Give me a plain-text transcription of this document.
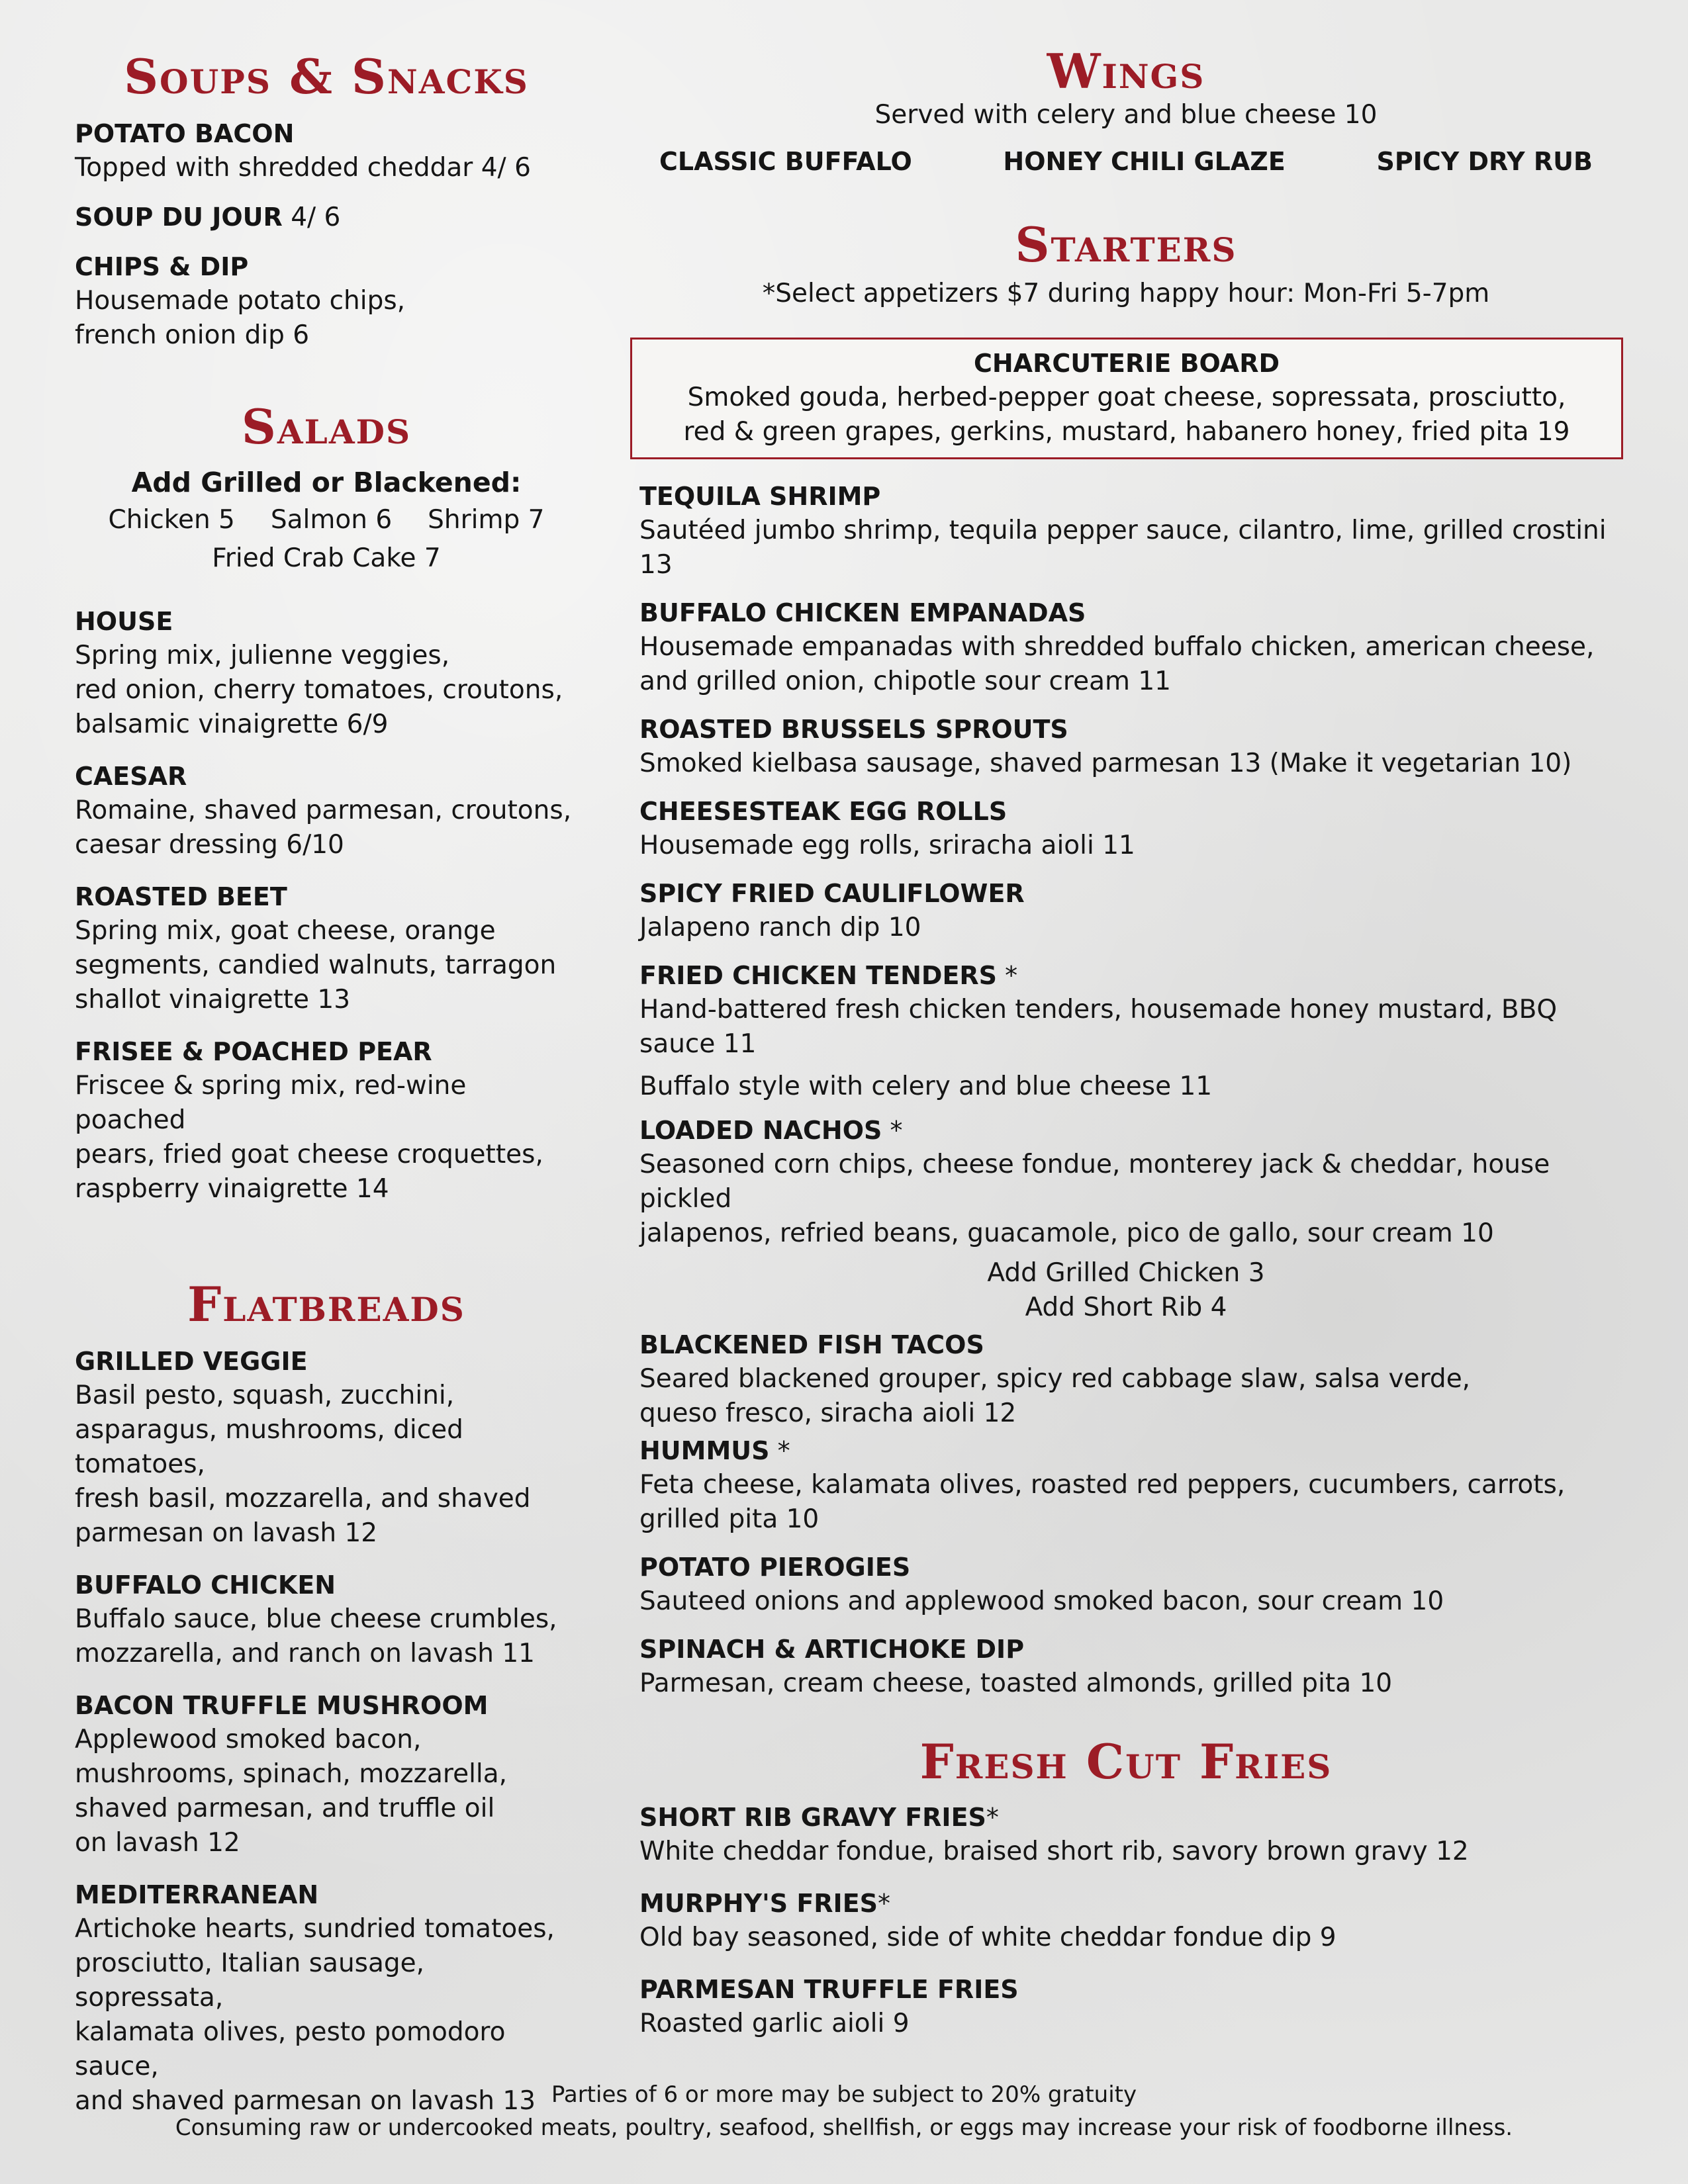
Soups & Snacks
POTATO BACON
Topped with shredded cheddar 4/ 6
SOUP DU JOUR 4/ 6
CHIPS & DIP
Housemade potato chips,
french onion dip 6
Salads
Add Grilled or Blackened:
Chicken 5 Salmon 6 Shrimp 7
Fried Crab Cake 7
HOUSE
Spring mix, julienne veggies,
red onion, cherry tomatoes, croutons,
balsamic vinaigrette 6/9
CAESAR
Romaine, shaved parmesan, croutons,
caesar dressing 6/10
ROASTED BEET
Spring mix, goat cheese, orange
segments, candied walnuts, tarragon
shallot vinaigrette 13
FRISEE & POACHED PEAR
Friscee & spring mix, red-wine poached
pears, fried goat cheese croquettes,
raspberry vinaigrette 14
Flatbreads
GRILLED VEGGIE
Basil pesto, squash, zucchini,
asparagus, mushrooms, diced tomatoes,
fresh basil, mozzarella, and shaved
parmesan on lavash 12
BUFFALO CHICKEN
Buffalo sauce, blue cheese crumbles,
mozzarella, and ranch on lavash 11
BACON TRUFFLE MUSHROOM
Applewood smoked bacon,
mushrooms, spinach, mozzarella,
shaved parmesan, and truffle oil
on lavash 12
MEDITERRANEAN
Artichoke hearts, sundried tomatoes,
prosciutto, Italian sausage, sopressata,
kalamata olives, pesto pomodoro sauce,
and shaved parmesan on lavash 13
Wings
Served with celery and blue cheese 10
CLASSIC BUFFALO	HONEY CHILI GLAZE	SPICY DRY RUB
Starters
*Select appetizers $7 during happy hour: Mon-Fri 5-7pm
CHARCUTERIE BOARD
Smoked gouda, herbed-pepper goat cheese, sopressata, prosciutto,
red & green grapes, gerkins, mustard, habanero honey, fried pita 19
TEQUILA SHRIMP
Sautéed jumbo shrimp, tequila pepper sauce, cilantro, lime, grilled crostini 13
BUFFALO CHICKEN EMPANADAS
Housemade empanadas with shredded buffalo chicken, american cheese,
and grilled onion, chipotle sour cream 11
ROASTED BRUSSELS SPROUTS
Smoked kielbasa sausage, shaved parmesan 13 (Make it vegetarian 10)
CHEESESTEAK EGG ROLLS
Housemade egg rolls, sriracha aioli 11
SPICY FRIED CAULIFLOWER
Jalapeno ranch dip 10
FRIED CHICKEN TENDERS *
Hand-battered fresh chicken tenders, housemade honey mustard, BBQ sauce 11
Buffalo style with celery and blue cheese 11
LOADED NACHOS *
Seasoned corn chips, cheese fondue, monterey jack & cheddar, house pickled
jalapenos, refried beans, guacamole, pico de gallo, sour cream 10
Add Grilled Chicken 3
Add Short Rib 4
BLACKENED FISH TACOS
Seared blackened grouper, spicy red cabbage slaw, salsa verde,
queso fresco, siracha aioli 12
HUMMUS *
Feta cheese, kalamata olives, roasted red peppers, cucumbers, carrots,
grilled pita 10
POTATO PIEROGIES
Sauteed onions and applewood smoked bacon, sour cream 10
SPINACH & ARTICHOKE DIP
Parmesan, cream cheese, toasted almonds, grilled pita 10
Fresh Cut Fries
SHORT RIB GRAVY FRIES*
White cheddar fondue, braised short rib, savory brown gravy 12
MURPHY'S FRIES*
Old bay seasoned, side of white cheddar fondue dip 9
PARMESAN TRUFFLE FRIES
Roasted garlic aioli 9
Parties of 6 or more may be subject to 20% gratuity
Consuming raw or undercooked meats, poultry, seafood, shellfish, or eggs may increase your risk of foodborne illness.
